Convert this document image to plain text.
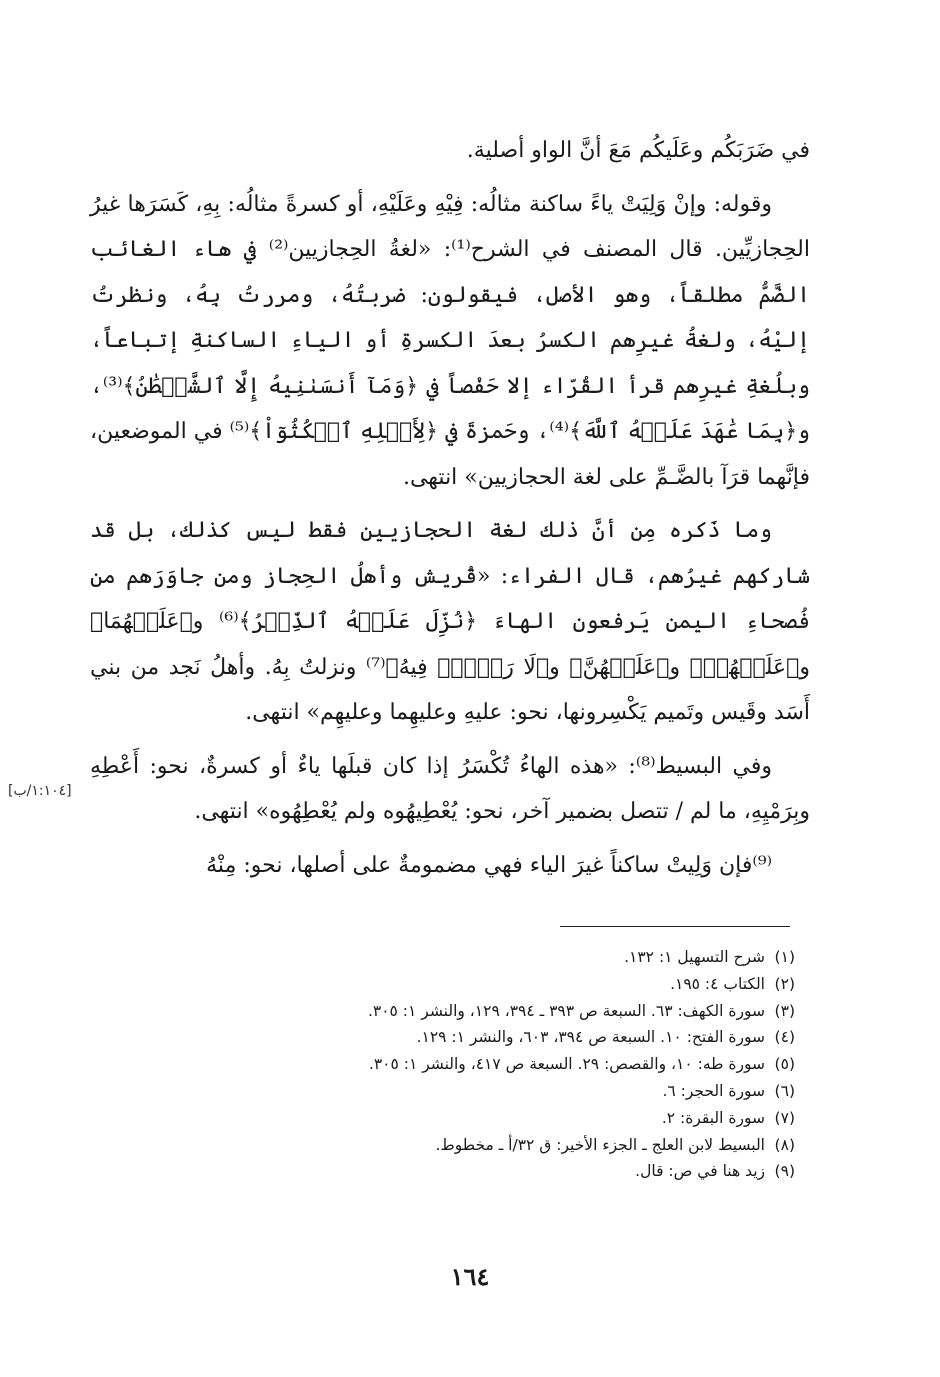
في ضَرَبَكُم وعَلَيكُم مَعَ أنَّ الواو أصلية.

وقوله: وإنْ وَلِيَتْ ياءً ساكنة مثالُه: فِيْهِ وعَلَيْهِ، أو كسرةً مثالُه: بِهِ، كَسَرَها غيرُ الحِجازيِّين. قال المصنف في الشرح⁽¹⁾: «لغةُ الحِجازيين⁽²⁾ في هاء الغائب الضَّمُّ مطلقاً، وهو الأصل، فيقولون: ضربتُهُ، ومررتُ بِهُ، ونظرتُ إليْهُ، ولغةُ غيرِهم الكسرُ بعدَ الكسرةِ أو الياءِ الساكنةِ إتباعاً، وبلُغةِ غيرِهم قرأ القُرّاء إلا حَفْصاً في ﴿وَمَآ أَنسَىٰنِيهُ إِلَّا ٱلشَّيۡطَٰنُ﴾⁽³⁾، و﴿بِمَا عَٰهَدَ عَلَيۡهُ ٱللَّهَ﴾⁽⁴⁾، وحَمزةَ في ﴿لِأَهۡلِهِ ٱمۡكُثُوٓاْ﴾⁽⁵⁾ في الموضعين، فإنَّهما قرَآ بالضَّـمِّ على لغة الحجازيين» انتهى.

وما ذَكره مِن أنَّ ذلك لغة الحجازيين فقط ليس كذلك، بل قد شاركهم غيرُهم، قال الفراء: «قُريش وأهلُ الحِجاز ومن جاوَرَهم من فُصحاءِ اليمن يَرفعون الهاءَ ﴿نُزِّلَ عَلَيۡهُ ٱلذِّكۡرُ﴾⁽⁶⁾ و﴿عَلَيۡهُمَا﴾ و﴿عَلَيۡهُمۡ﴾ و﴿عَلَيۡهُنَّ﴾ و﴿لَا رَيۡبَۛ فِيهُ﴾⁽⁷⁾ ونزلتُ بِهُ. وأهلُ نَجد من بني أَسَد وقَيس وتَميم يَكْسِرونها، نحو: عليهِ وعليهِما وعليهِم» انتهى.

وفي البسيط⁽⁸⁾: «هذه الهاءُ تُكْسَرُ إذا كان قبلَها ياءٌ أو كسرةٌ، نحو: أَعْطِهِ وبِرَمْيِهِ، ما لم / تتصل بضمير آخر، نحو: يُعْطِيهُوه ولم يُعْطِهُوه» انتهى.

⁽⁹⁾فإن وَلِيتْ ساكناً غيرَ الياء فهي مضمومةٌ على أصلها، نحو: مِنْهُ

[١:١٠٤/ب]
(١)شرح التسهيل ١: ١٣٢.
(٢)الكتاب ٤: ١٩٥.
(٣)سورة الكهف: ٦٣. السبعة ص ٣٩٣ ـ ٣٩٤، ١٢٩، والنشر ١: ٣٠٥.
(٤)سورة الفتح: ١٠. السبعة ص ٣٩٤، ٦٠٣، والنشر ١: ١٢٩.
(٥)سورة طه: ١٠، والقصص: ٢٩. السبعة ص ٤١٧، والنشر ١: ٣٠٥.
(٦)سورة الحجر: ٦.
(٧)سورة البقرة: ٢.
(٨)البسيط لابن العلج ـ الجزء الأخير: ق ٣٢/أ ـ مخطوط.
(٩)زيد هنا في ص: قال.
١٦٤
